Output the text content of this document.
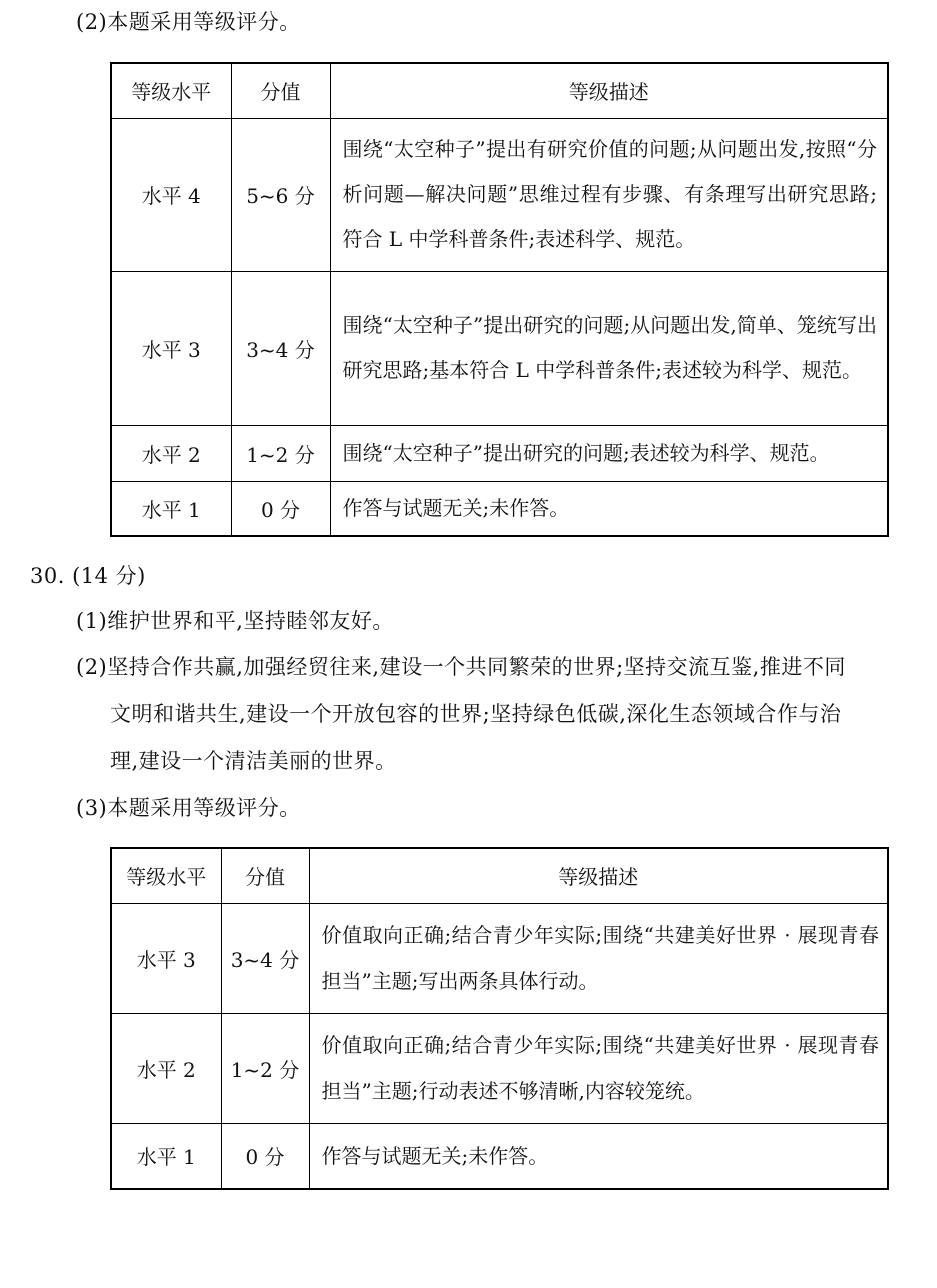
(2)本题采用等级评分。
等级水平	分值	等级描述
水平 4	5~6 分	围绕“太空种子”提出有研究价值的问题;从问题出发,按照“分析问题—解决问题”思维过程有步骤、有条理写出研究思路;符合 L 中学科普条件;表述科学、规范。
水平 3	3~4 分	围绕“太空种子”提出研究的问题;从问题出发,简单、笼统写出研究思路;基本符合 L 中学科普条件;表述较为科学、规范。
水平 2	1~2 分	围绕“太空种子”提出研究的问题;表述较为科学、规范。
水平 1	0 分	作答与试题无关;未作答。
30. (14 分)
(1)维护世界和平,坚持睦邻友好。
(2)坚持合作共赢,加强经贸往来,建设一个共同繁荣的世界;坚持交流互鉴,推进不同
文明和谐共生,建设一个开放包容的世界;坚持绿色低碳,深化生态领域合作与治
理,建设一个清洁美丽的世界。
(3)本题采用等级评分。
等级水平	分值	等级描述
水平 3	3~4 分	价值取向正确;结合青少年实际;围绕“共建美好世界 · 展现青春担当”主题;写出两条具体行动。
水平 2	1~2 分	价值取向正确;结合青少年实际;围绕“共建美好世界 · 展现青春担当”主题;行动表述不够清晰,内容较笼统。
水平 1	0 分	作答与试题无关;未作答。
